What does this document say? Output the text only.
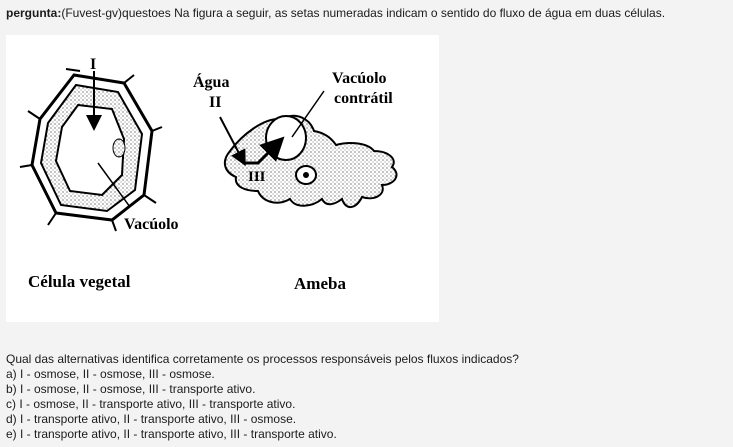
pergunta:(Fuvest-gv)questoes Na figura a seguir, as setas numeradas indicam o sentido do fluxo de água em duas células.
I
Vacúolo
Célula vegetal
Água
II
III
Vacúolo
contrátil
Ameba
Qual das alternativas identifica corretamente os processos responsáveis pelos fluxos indicados?
a) I - osmose, II - osmose, III - osmose.
b) I - osmose, II - osmose, III - transporte ativo.
c) I - osmose, II - transporte ativo, III - transporte ativo.
d) I - transporte ativo, II - transporte ativo, III - osmose.
e) I - transporte ativo, II - transporte ativo, III - transporte ativo.
